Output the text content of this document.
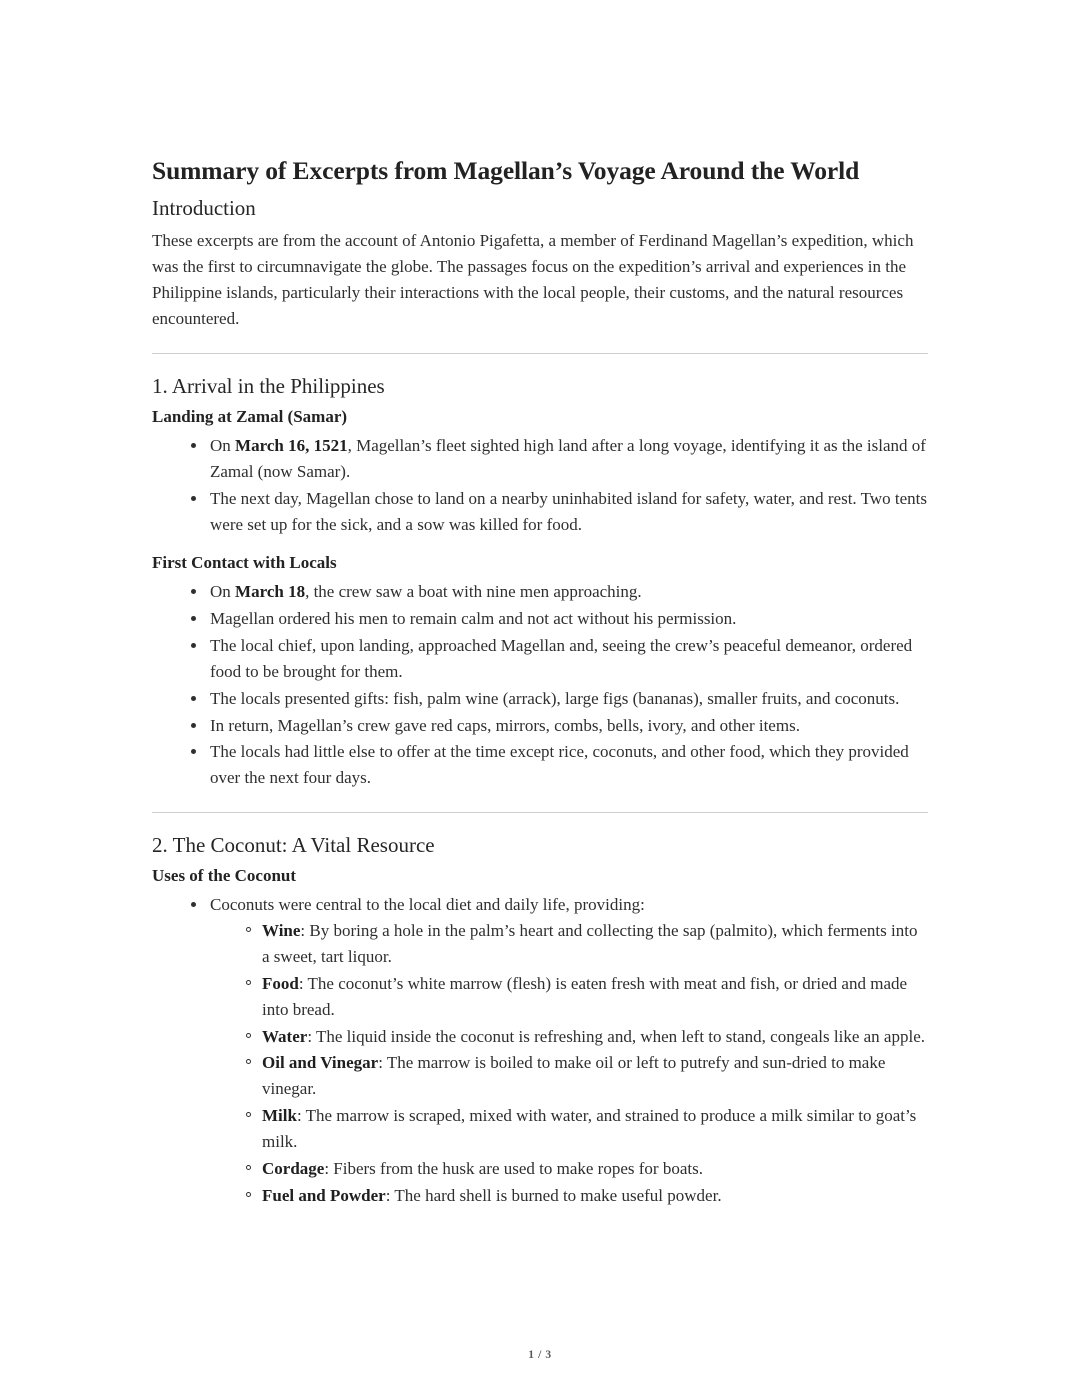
Summary of Excerpts from Magellan’s Voyage Around the World
Introduction

These excerpts are from the account of Antonio Pigafetta, a member of Ferdinand Magellan’s expedition, which was the first to circumnavigate the globe. The passages focus on the expedition’s arrival and experiences in the Philippine islands, particularly their interactions with the local people, their customs, and the natural resources encountered.

1. Arrival in the Philippines
Landing at Zamal (Samar)
On March 16, 1521, Magellan’s fleet sighted high land after a long voyage, identifying it as the island of Zamal (now Samar).
The next day, Magellan chose to land on a nearby uninhabited island for safety, water, and rest. Two tents were set up for the sick, and a sow was killed for food.
First Contact with Locals
On March 18, the crew saw a boat with nine men approaching.
Magellan ordered his men to remain calm and not act without his permission.
The local chief, upon landing, approached Magellan and, seeing the crew’s peaceful demeanor, ordered food to be brought for them.
The locals presented gifts: fish, palm wine (arrack), large figs (bananas), smaller fruits, and coconuts.
In return, Magellan’s crew gave red caps, mirrors, combs, bells, ivory, and other items.
The locals had little else to offer at the time except rice, coconuts, and other food, which they provided over the next four days.
2. The Coconut: A Vital Resource
Uses of the Coconut
Coconuts were central to the local diet and daily life, providing:
Wine: By boring a hole in the palm’s heart and collecting the sap (palmito), which ferments into a sweet, tart liquor.
Food: The coconut’s white marrow (flesh) is eaten fresh with meat and fish, or dried and made into bread.
Water: The liquid inside the coconut is refreshing and, when left to stand, congeals like an apple.
Oil and Vinegar: The marrow is boiled to make oil or left to putrefy and sun-dried to make vinegar.
Milk: The marrow is scraped, mixed with water, and strained to produce a milk similar to goat’s milk.
Cordage: Fibers from the husk are used to make ropes for boats.
Fuel and Powder: The hard shell is burned to make useful powder.
1 / 3
